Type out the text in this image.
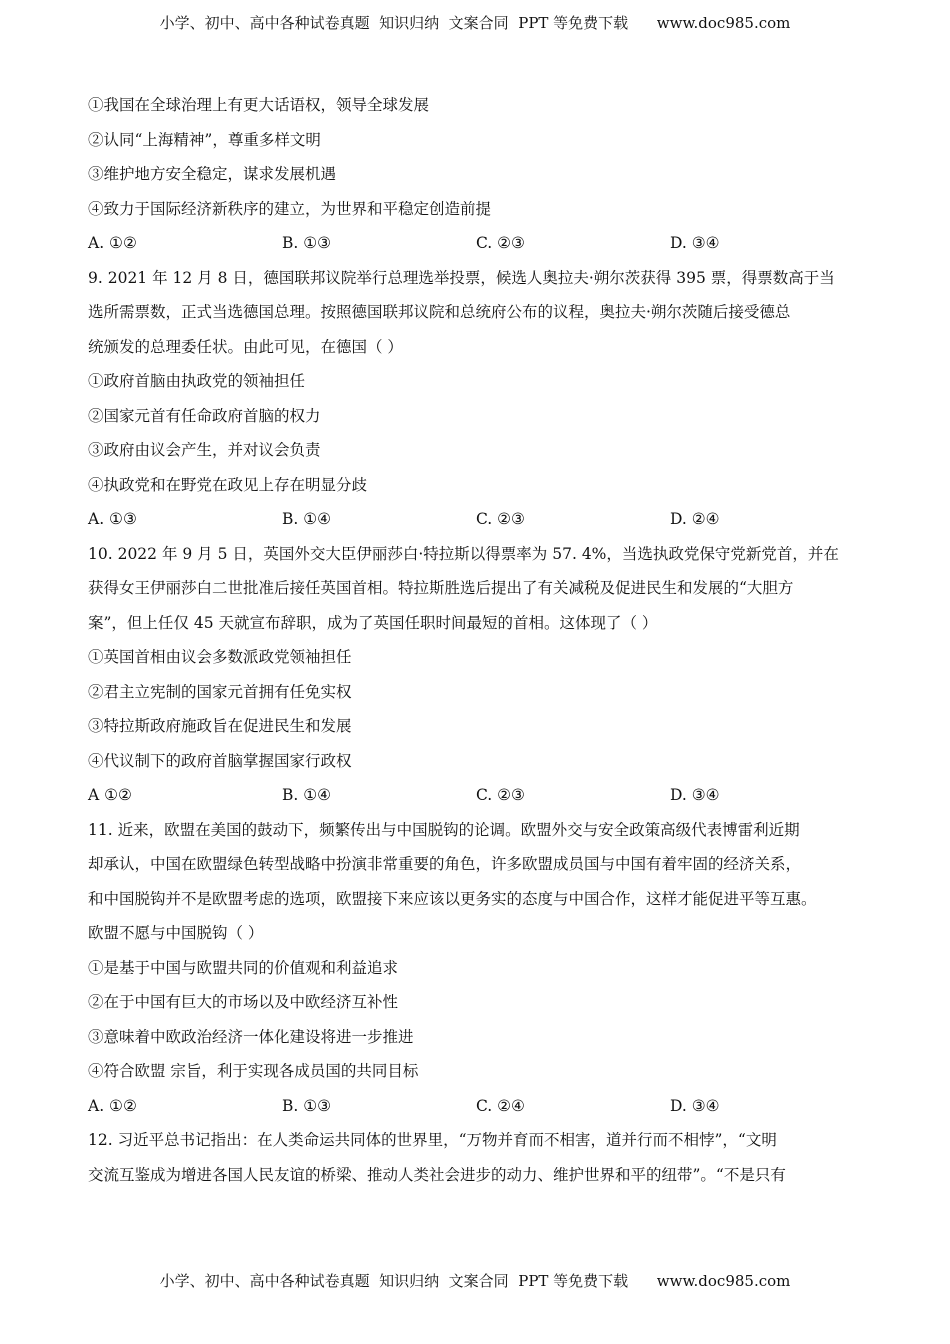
小学、初中、高中各种试卷真题  知识归纳  文案合同  PPT 等免费下载      www.doc985.com
①我国在全球治理上有更大话语权，领导全球发展
②认同“上海精神”，尊重多样文明
③维护地方安全稳定，谋求发展机遇
④致力于国际经济新秩序的建立，为世界和平稳定创造前提
A. ①②	B. ①③	C. ②③	D. ③④
9. 2021 年 12 月 8 日，德国联邦议院举行总理选举投票，候选人奥拉夫·朔尔茨获得 395 票，得票数高于当
选所需票数，正式当选德国总理。按照德国联邦议院和总统府公布的议程，奥拉夫·朔尔茨随后接受德总
统颁发的总理委任状。由此可见，在德国（ ）
①政府首脑由执政党的领袖担任
②国家元首有任命政府首脑的权力
③政府由议会产生，并对议会负责
④执政党和在野党在政见上存在明显分歧
A. ①③	B. ①④	C. ②③	D. ②④
10. 2022 年 9 月 5 日，英国外交大臣伊丽莎白·特拉斯以得票率为 57. 4%，当选执政党保守党新党首，并在
获得女王伊丽莎白二世批准后接任英国首相。特拉斯胜选后提出了有关减税及促进民生和发展的“大胆方
案”，但上任仅 45 天就宣布辞职，成为了英国任职时间最短的首相。这体现了（ ）
①英国首相由议会多数派政党领袖担任
②君主立宪制的国家元首拥有任免实权
③特拉斯政府施政旨在促进民生和发展
④代议制下的政府首脑掌握国家行政权
A ①②	B. ①④	C. ②③	D. ③④
11. 近来，欧盟在美国的鼓动下，频繁传出与中国脱钩的论调。欧盟外交与安全政策高级代表博雷利近期
却承认，中国在欧盟绿色转型战略中扮演非常重要的角色，许多欧盟成员国与中国有着牢固的经济关系，
和中国脱钩并不是欧盟考虑的选项，欧盟接下来应该以更务实的态度与中国合作，这样才能促进平等互惠。
欧盟不愿与中国脱钩（ ）
①是基于中国与欧盟共同的价值观和利益追求
②在于中国有巨大的市场以及中欧经济互补性
③意味着中欧政治经济一体化建设将进一步推进
④符合欧盟 宗旨，利于实现各成员国的共同目标
A. ①②	B. ①③	C. ②④	D. ③④
12. 习近平总书记指出：在人类命运共同体的世界里，“万物并育而不相害，道并行而不相悖”，“文明
交流互鉴成为增进各国人民友谊的桥梁、推动人类社会进步的动力、维护世界和平的纽带”。“不是只有
小学、初中、高中各种试卷真题  知识归纳  文案合同  PPT 等免费下载      www.doc985.com
